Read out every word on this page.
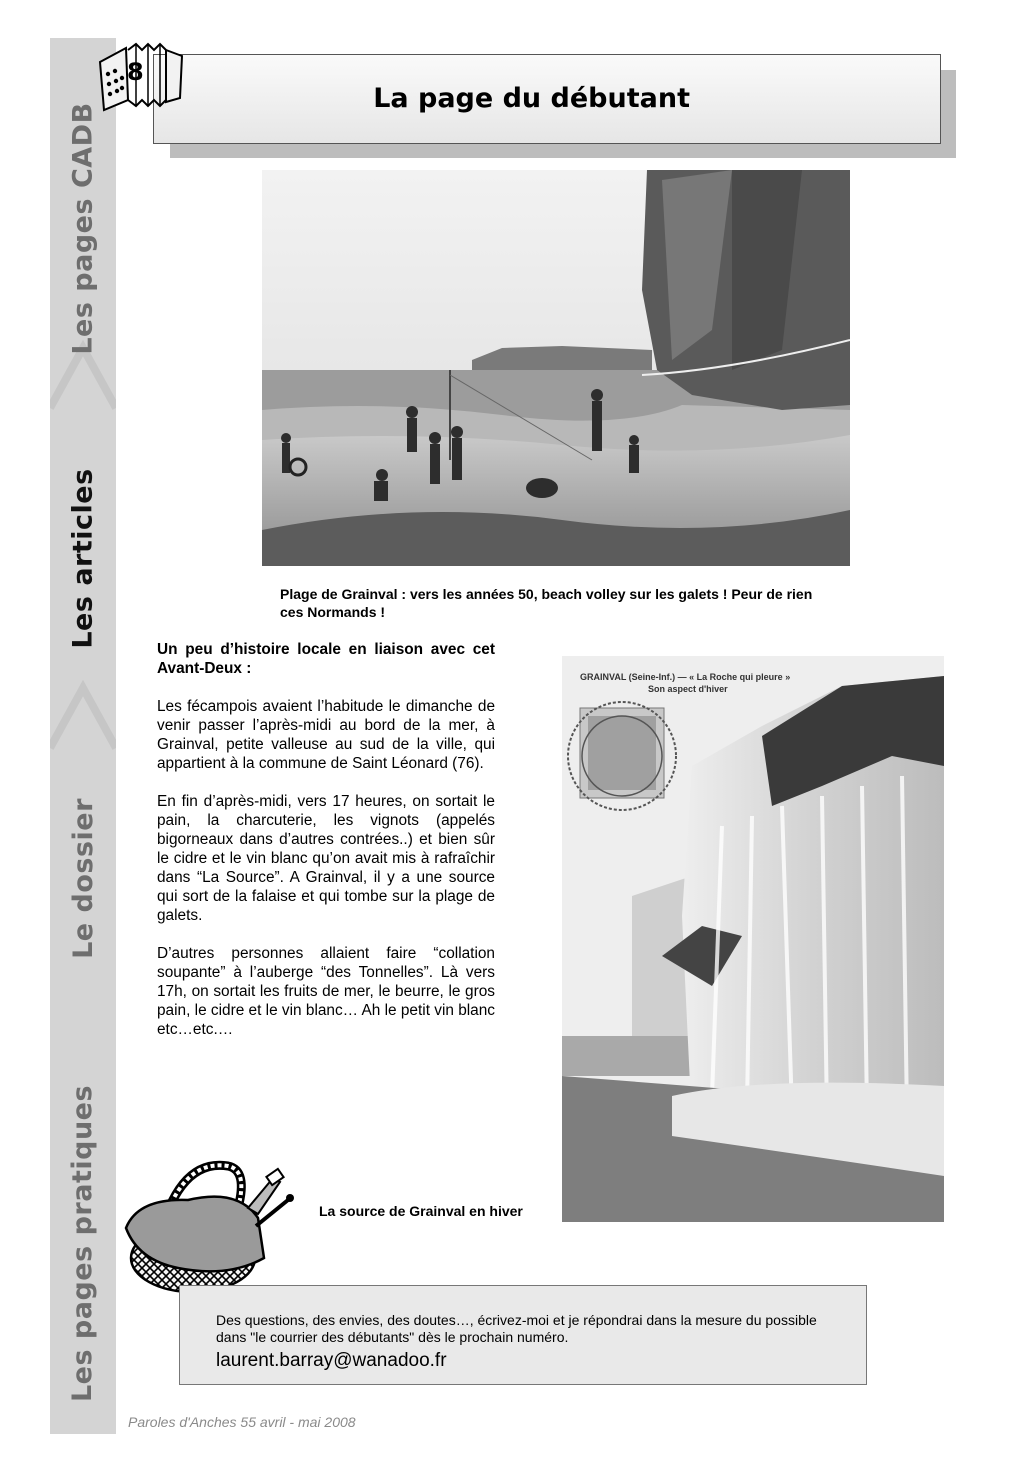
Les pages CADB
Les articles
Le dossier
Les pages pratiques
La page du débutant
8
Plage de Grainval : vers les années 50, beach volley sur les galets ! Peur de rien ces Normands !

Un peu d’histoire locale en liaison avec cet Avant-Deux :

Les fécampois avaient l’habitude le dimanche de venir passer l’après-midi au bord de la mer, à Grainval, petite valleuse au sud de la ville, qui appartient à la commune de Saint Léonard (76).

En fin d’après-midi, vers 17 heures, on sortait le pain, la charcuterie, les vignots (appelés bigorneaux dans d’autres contrées..) et bien sûr le cidre et le vin blanc qu’on avait mis à rafraîchir dans “La Source”. A Grainval, il y a une source qui sort de la falaise et qui tombe sur la plage de galets.

D’autres personnes allaient faire “collation soupante” à l’auberge “des Tonnelles”. Là vers 17h, on sortait les fruits de mer, le beurre, le gros pain, le cidre et le vin blanc… Ah le petit vin blanc etc…etc.…

GRAINVAL (Seine-Inf.) — « La Roche qui pleure »
Son aspect d'hiver
La source de Grainval en hiver
Des questions, des envies, des doutes…, écrivez-moi et je répondrai dans la mesure du possible dans "le courrier des débutants" dès le prochain numéro.
laurent.barray@wanadoo.fr
Paroles d'Anches 55 avril - mai 2008
